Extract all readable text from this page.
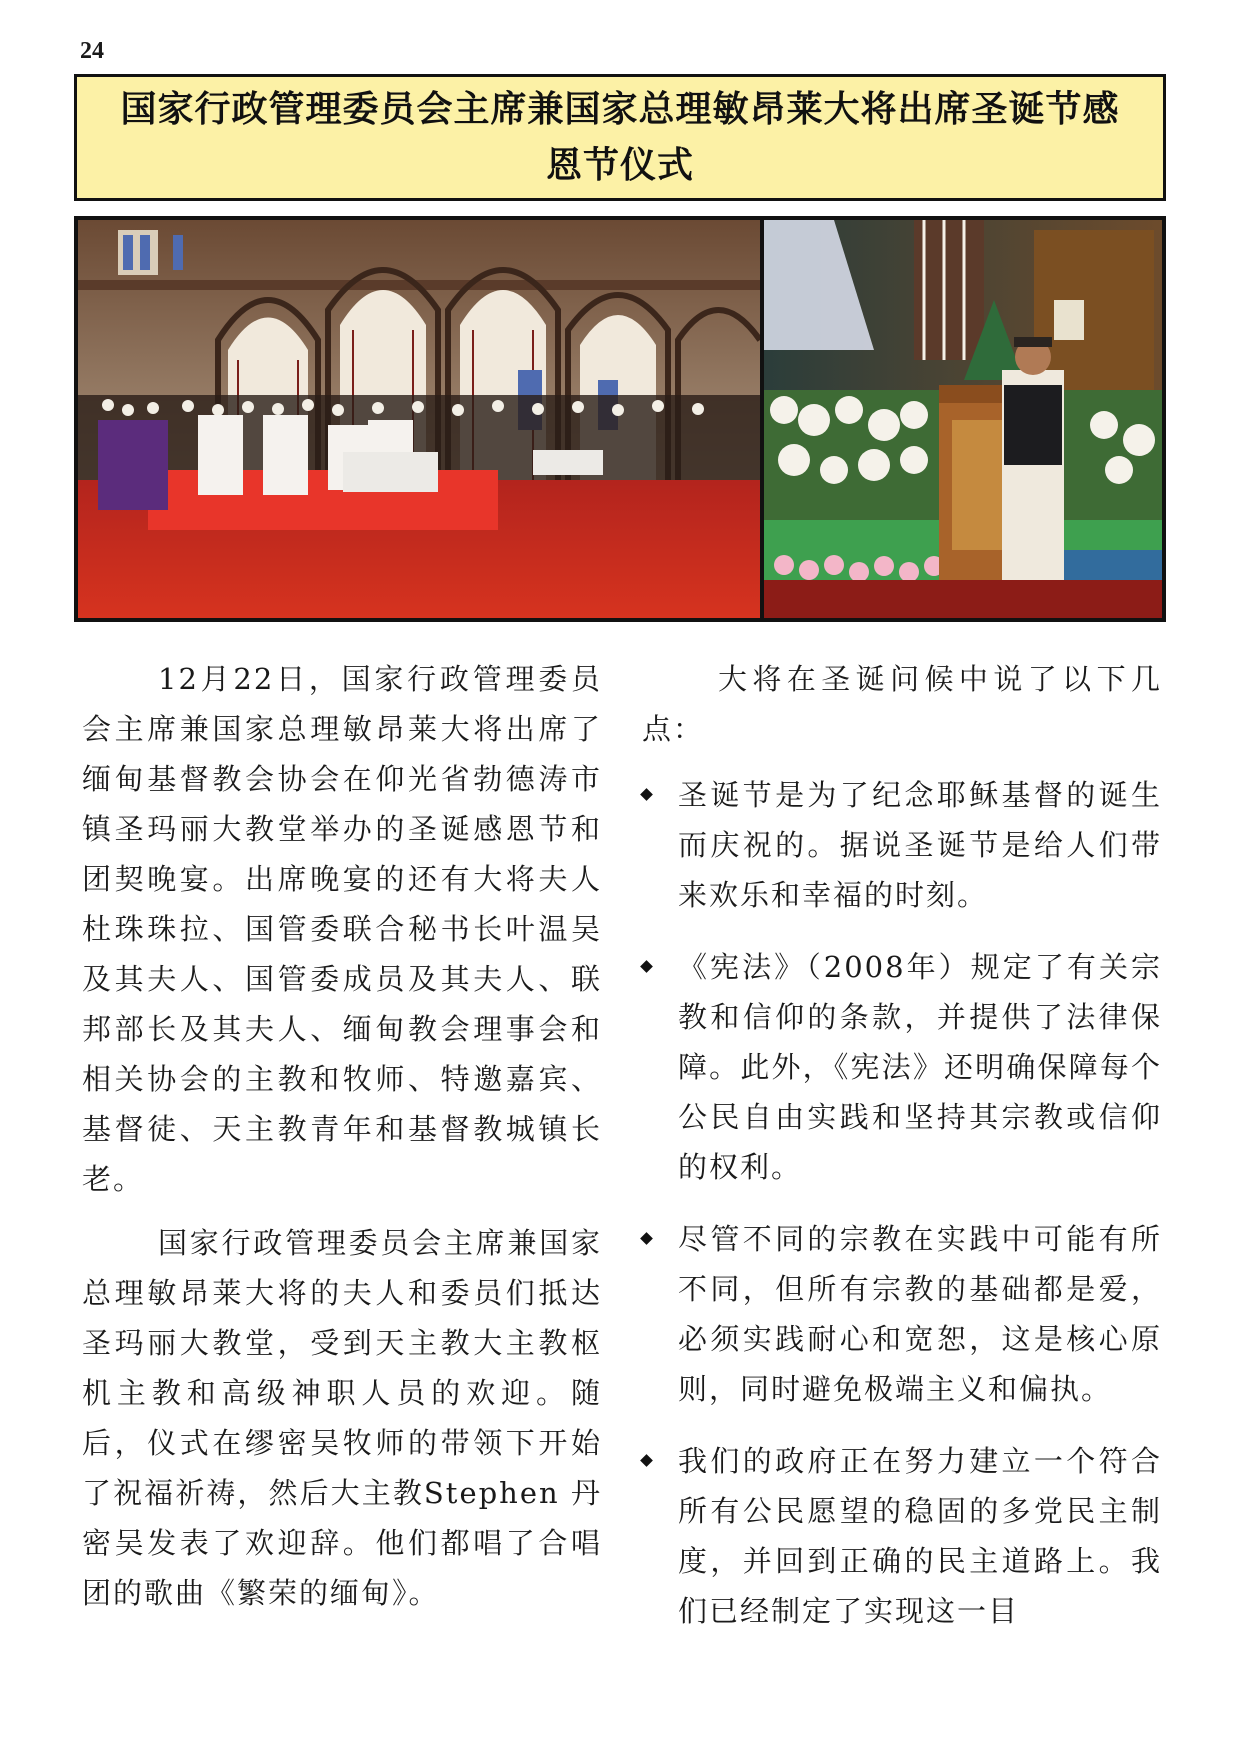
24
国家行政管理委员会主席兼国家总理敏昂莱大将出席圣诞节感恩节仪式

12月22日，国家行政管理委员会主席兼国家总理敏昂莱大将出席了缅甸基督教会协会在仰光省勃德涛市镇圣玛丽大教堂举办的圣诞感恩节和团契晚宴。出席晚宴的还有大将夫人杜珠珠拉、国管委联合秘书长叶温吴及其夫人、国管委成员及其夫人、联邦部长及其夫人、缅甸教会理事会和相关协会的主教和牧师、特邀嘉宾、基督徒、天主教青年和基督教城镇长老。

国家行政管理委员会主席兼国家总理敏昂莱大将的夫人和委员们抵达圣玛丽大教堂，受到天主教大主教枢机主教和高级神职人员的欢迎。随后，仪式在缪密吴牧师的带领下开始了祝福祈祷，然后大主教Stephen 丹密吴发表了欢迎辞。他们都唱了合唱团的歌曲《繁荣的缅甸》。

大将在圣诞问候中说了以下几点：

圣诞节是为了纪念耶稣基督的诞生而庆祝的。据说圣诞节是给人们带来欢乐和幸福的时刻。
《宪法》（2008年）规定了有关宗教和信仰的条款，并提供了法律保障。此外，《宪法》还明确保障每个公民自由实践和坚持其宗教或信仰的权利。
尽管不同的宗教在实践中可能有所不同，但所有宗教的基础都是爱，必须实践耐心和宽恕，这是核心原则，同时避免极端主义和偏执。
我们的政府正在努力建立一个符合所有公民愿望的稳固的多党民主制度，并回到正确的民主道路上。我们已经制定了实现这一目
